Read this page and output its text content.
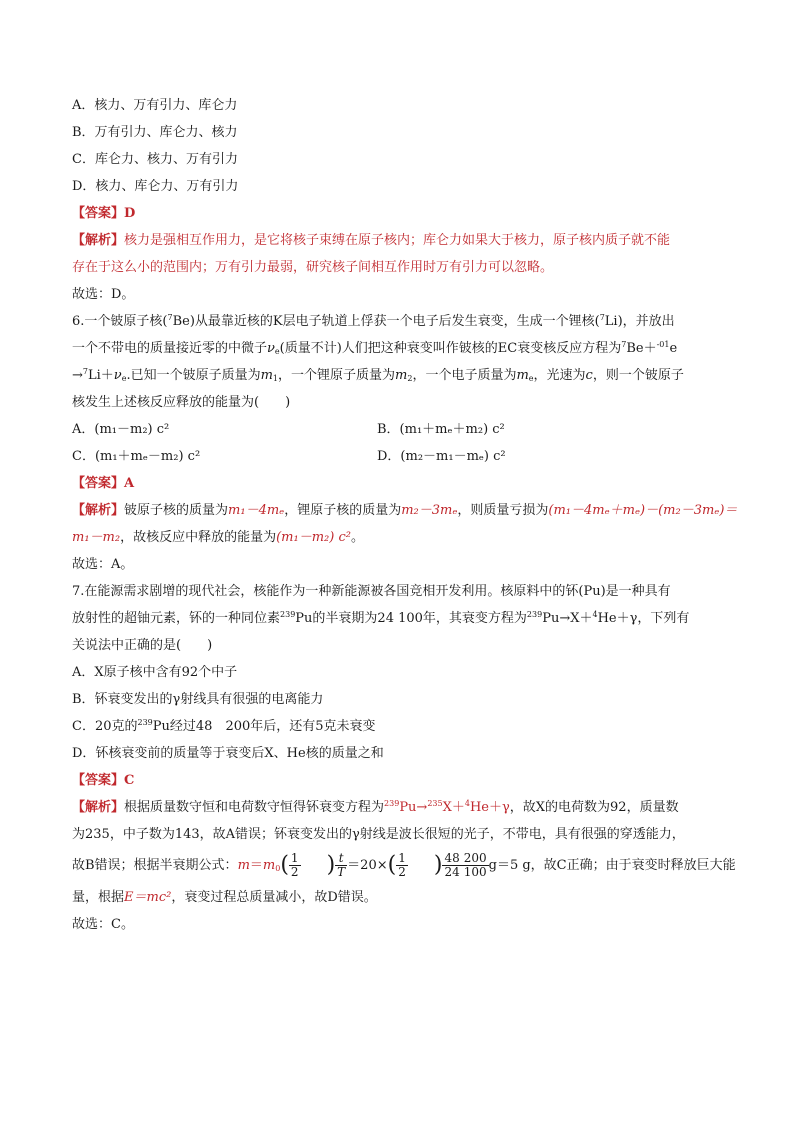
A．核力、万有引力、库仑力
B．万有引力、库仑力、核力
C．库仑力、核力、万有引力
D．核力、库仑力、万有引力
【答案】D
【解析】核力是强相互作用力，是它将核子束缚在原子核内；库仑力如果大于核力，原子核内质子就不能
存在于这么小的范围内；万有引力最弱，研究核子间相互作用时万有引力可以忽略。
故选：D。
6.一个铍原子核($^7$Be)从最靠近核的K层电子轨道上俘获一个电子后发生衰变，生成一个锂核($^7$Li)，并放出
一个不带电的质量接近零的中微子$\nu_e$(质量不计)人们把这种衰变叫作铍核的EC衰变核反应方程为$^7$Be＋$^{-01}$e
$\to^7Li+\nu_e$.已知一个铍原子质量为$m_1$，一个锂原子质量为$m_2$，一个电子质量为$m_e$，光速为c，则一个铍原子
核发生上述核反应释放的能量为(　　)
A．(m₁－m₂) c²	B．(m₁＋mₑ＋m₂) c²
C．(m₁＋mₑ－m₂) c²	D．(m₂－m₁－mₑ) c²
【答案】A
【解析】铍原子核的质量为m₁－4mₑ，锂原子核的质量为m₂－3mₑ，则质量亏损为(m₁－4mₑ＋mₑ)－(m₂－3mₑ)＝
m₁－m₂，故核反应中释放的能量为(m₁－m₂) c²。
故选：A。
7.在能源需求剧增的现代社会，核能作为一种新能源被各国竞相开发利用。核原料中的钚(Pu)是一种具有
放射性的超铀元素，钚的一种同位素$^{239}$Pu的半衰期为24 100年，其衰变方程为$^{239}$Pu→X＋$^4$He＋γ，下列有
关说法中正确的是(　　)
A．X原子核中含有92个中子
B．钚衰变发出的γ射线具有很强的电离能力
C．20克的$^{239}$Pu经过48　200年后，还有5克未衰变
D．钚核衰变前的质量等于衰变后X、He核的质量之和
【答案】C
【解析】根据质量数守恒和电荷数守恒得钚衰变方程为$^{239}$Pu→$^{235}$X＋$^4$He＋γ，故X的电荷数为92，质量数
为235，中子数为143，故A错误；钚衰变发出的γ射线是波长很短的光子，不带电，具有很强的穿透能力，
故B错误；根据半衰期公式：$m=m_0( \frac{1}{2}$ ) $\frac{t}{T} =20\times( \frac{1}{2}$ ) $\frac{48}{24} \frac{200}{100} g=5$ g，故C正确；由于衰变时释放巨大能
量，根据E＝mc²，衰变过程总质量减小，故D错误。
故选：C。
